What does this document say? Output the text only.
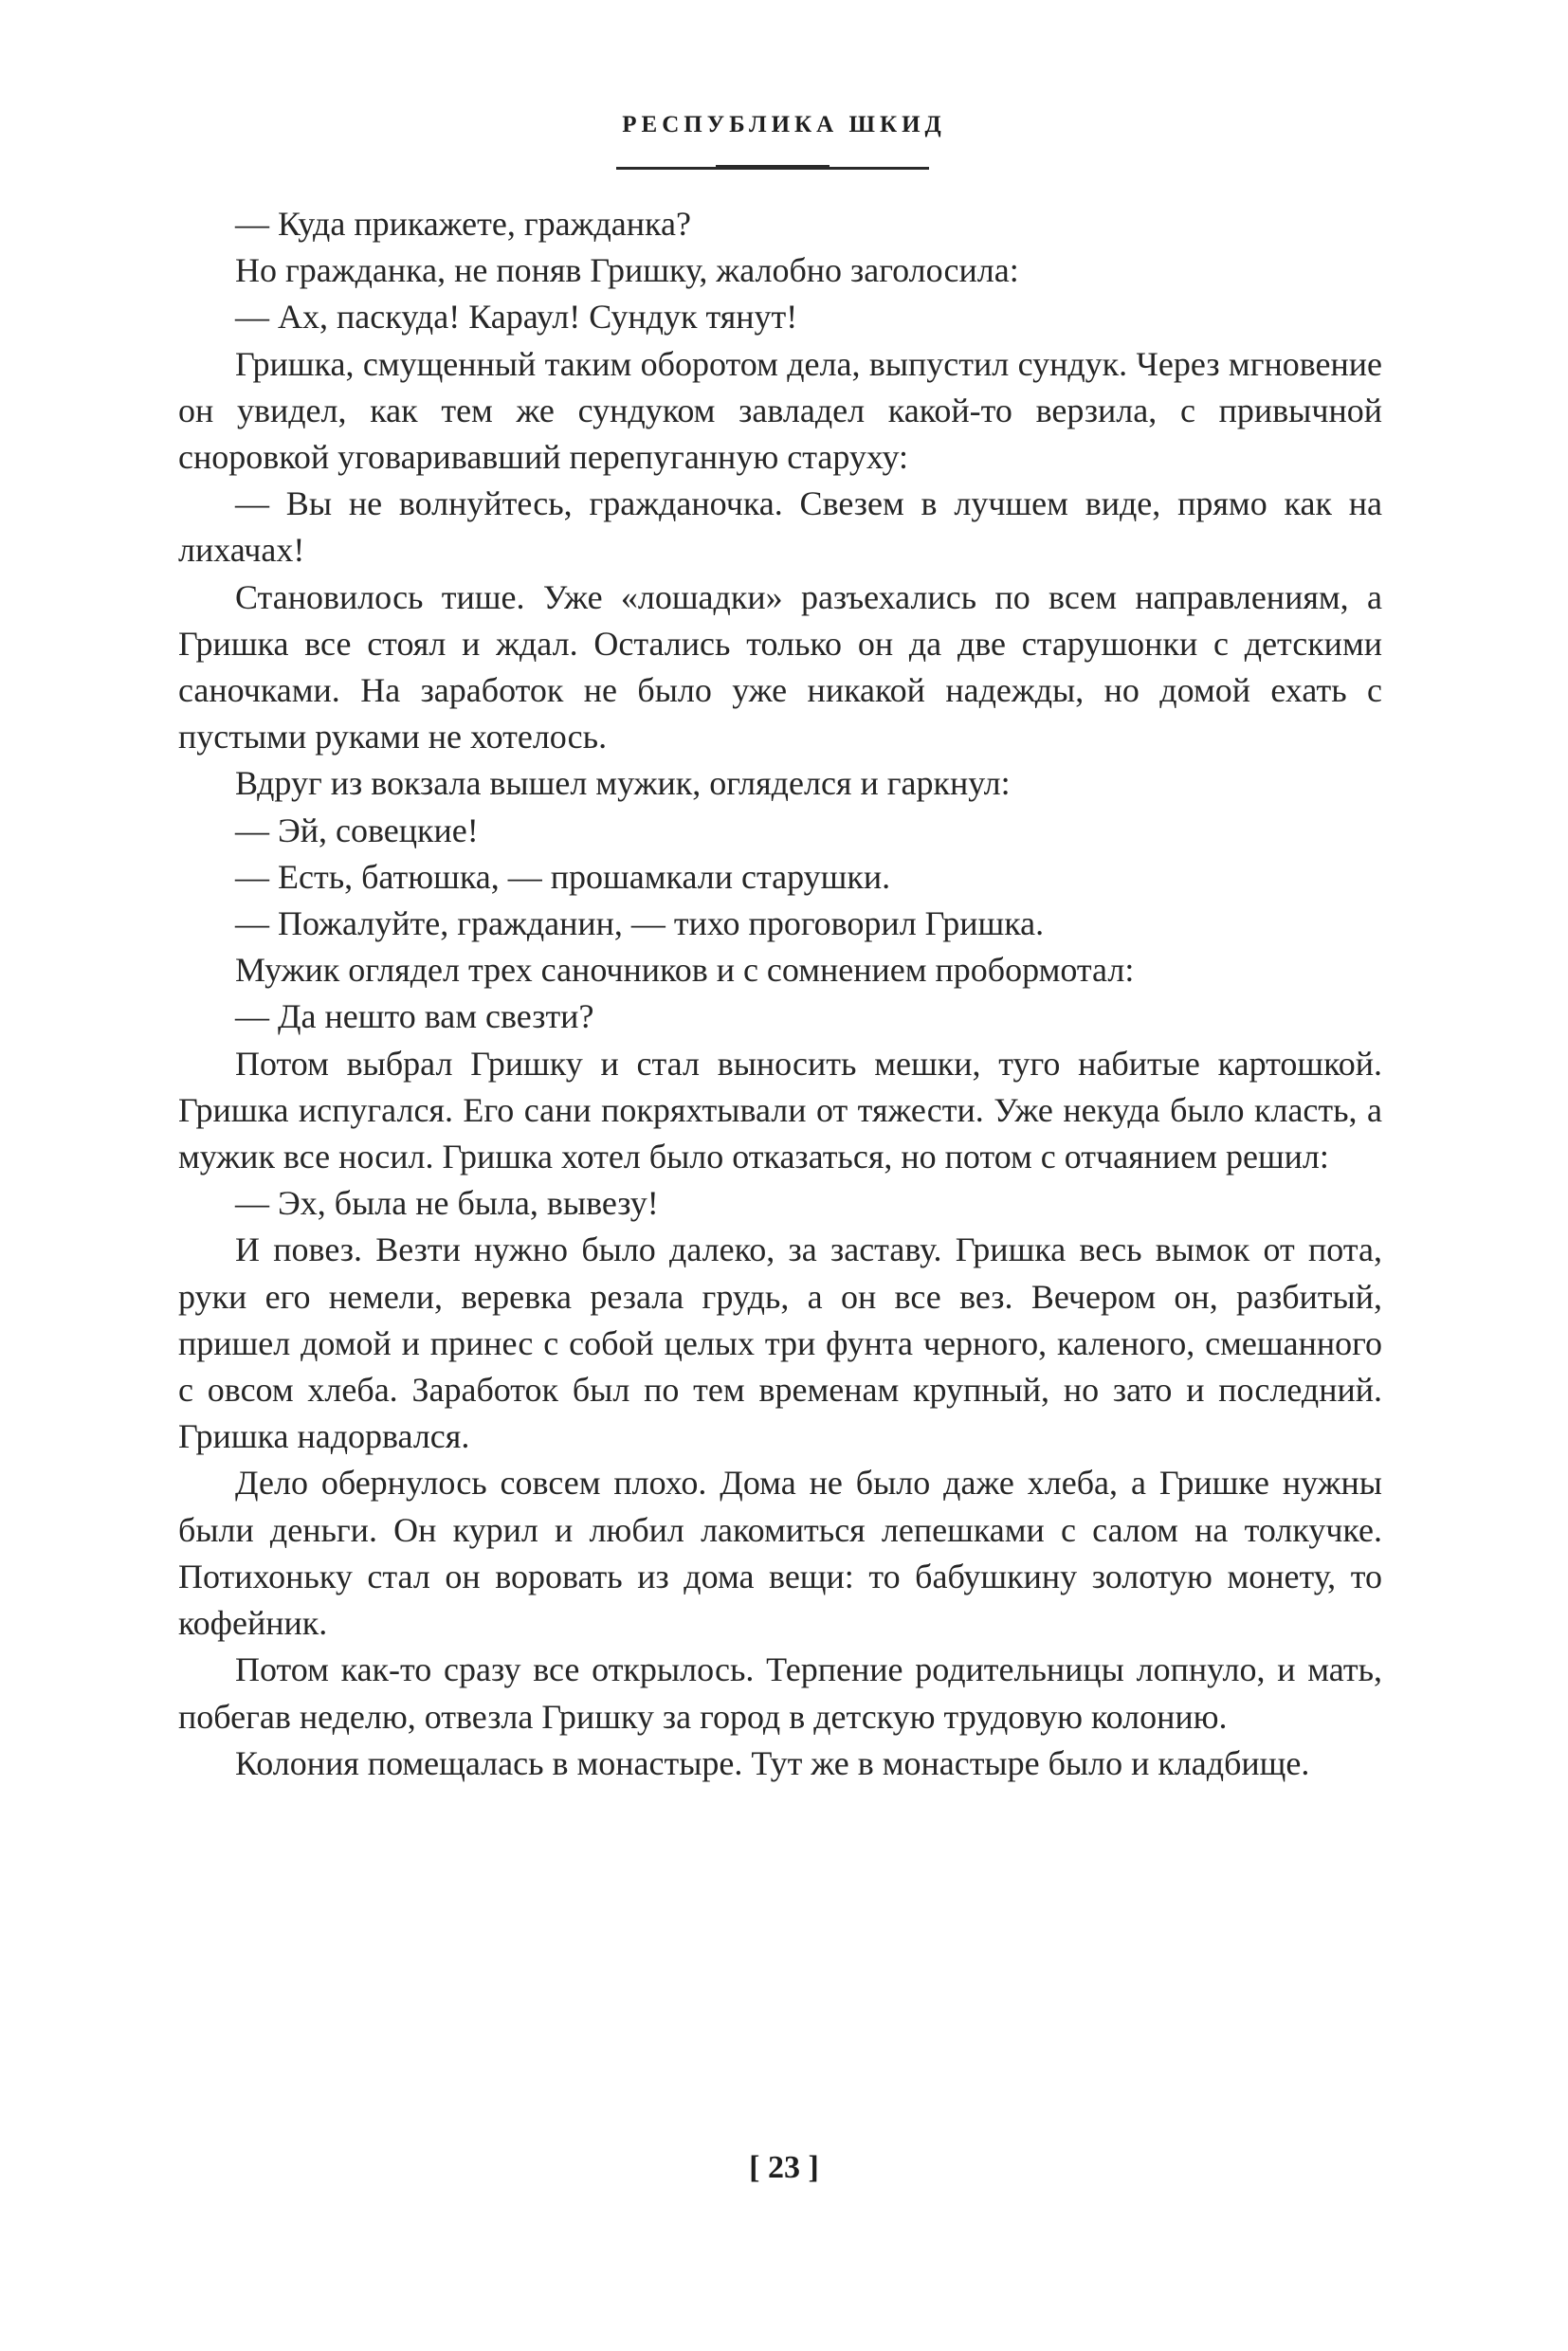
РЕСПУБЛИКА ШКИД

— Куда прикажете, гражданка?

Но гражданка, не поняв Гришку, жалобно заголосила:

— Ах, паскуда! Караул! Сундук тянут!

Гришка, смущенный таким оборотом дела, выпустил сундук. Через мгновение он увидел, как тем же сундуком завладел какой-то верзила, с привычной сноровкой уговаривавший перепуганную старуху:

— Вы не волнуйтесь, гражданочка. Свезем в лучшем виде, прямо как на лихачах!

Становилось тише. Уже «лошадки» разъехались по всем направлениям, а Гришка все стоял и ждал. Остались только он да две старушонки с детскими саночками. На заработок не было уже никакой надежды, но домой ехать с пустыми руками не хотелось.

Вдруг из вокзала вышел мужик, огляделся и гаркнул:

— Эй, совецкие!

— Есть, батюшка, — прошамкали старушки.

— Пожалуйте, гражданин, — тихо проговорил Гришка.

Мужик оглядел трех саночников и с сомнением пробормотал:

— Да нешто вам свезти?

Потом выбрал Гришку и стал выносить мешки, туго набитые картошкой. Гришка испугался. Его сани покряхтывали от тяжести. Уже некуда было класть, а мужик все носил. Гришка хотел было отказаться, но потом с отчаянием решил:

— Эх, была не была, вывезу!

И повез. Везти нужно было далеко, за заставу. Гришка весь вымок от пота, руки его немели, веревка резала грудь, а он все вез. Вечером он, разбитый, пришел домой и принес с собой целых три фунта черного, каленого, смешанного с овсом хлеба. Заработок был по тем временам крупный, но зато и последний. Гришка надорвался.

Дело обернулось совсем плохо. Дома не было даже хлеба, а Гришке нужны были деньги. Он курил и любил лакомиться лепешками с салом на толкучке. Потихоньку стал он воровать из дома вещи: то бабушкину золотую монету, то кофейник.

Потом как-то сразу все открылось. Терпение родительницы лопнуло, и мать, побегав неделю, отвезла Гришку за город в детскую трудовую колонию.

Колония помещалась в монастыре. Тут же в монастыре было и кладбище.

[ 23 ]
